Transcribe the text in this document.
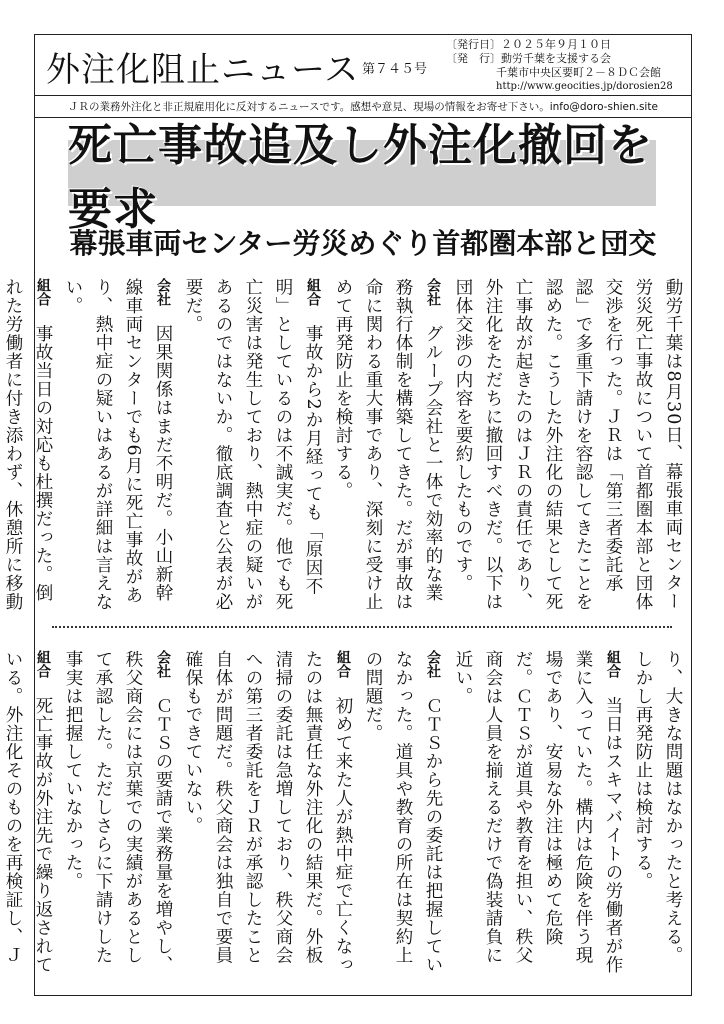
外注化阻止ニュース 第７４５号
〔発行日〕２０２５年９月１０日
〔発　行〕動労千葉を支援する会
千葉市中央区要町２－８ＤＣ会館
http://www.geocities.jp/dorosien28
ＪＲの業務外注化と非正規雇用化に反対するニュースです。感想や意見、現場の情報をお寄せ下さい。info@doro-shien.site
死亡事故追及し外注化撤回を要求
幕張車両センター労災めぐり首都圏本部と団交
動労千葉は8月30日、幕張車両センター労災死亡事故について首都圏本部と団体交渉を行った。ＪＲは「第三者委託承認」で多重下請けを容認してきたことを認めた。こうした外注化の結果として死亡事故が起きたのはＪＲの責任であり、外注化をただちに撤回すべきだ。以下は団体交渉の内容を要約したものです。 会社　グループ会社と一体で効率的な業務執行体制を構築してきた。だが事故は命に関わる重大事であり、深刻に受け止めて再発防止を検討する。 組合　事故から2か月経っても「原因不明」としているのは不誠実だ。他でも死亡災害は発生しており、熱中症の疑いがあるのではないか。徹底調査と公表が必要だ。 会社　因果関係はまだ不明だ。小山新幹線車両センターでも6月に死亡事故があり、熱中症の疑いはあるが詳細は言えない。 組合　事故当日の対応も杜撰だった。倒れた労働者に付き添わず、休憩所に移動 　
り、大きな問題はなかったと考える。しかし再発防止は検討する。 組合　当日はスキマバイトの労働者が作業に入っていた。構内は危険を伴う現場であり、安易な外注は極めて危険だ。ＣＴＳが道具や教育を担い、秩父商会は人員を揃えるだけで偽装請負に近い。 会社　ＣＴＳから先の委託は把握していなかった。道具や教育の所在は契約上の問題だ。 組合　初めて来た人が熱中症で亡くなったのは無責任な外注化の結果だ。外板清掃の委託は急増しており、秩父商会への第三者委託をＪＲが承認したこと自体が問題だ。秩父商会は独自で要員確保もできていない。 会社　ＣＴＳの要請で業務量を増やし、秩父商会には京葉での実績があるとして承認した。ただしさらに下請けした事実は把握していなかった。 組合　死亡事故が外注先で繰り返されている。外注化そのものを再検証し、Ｊ
